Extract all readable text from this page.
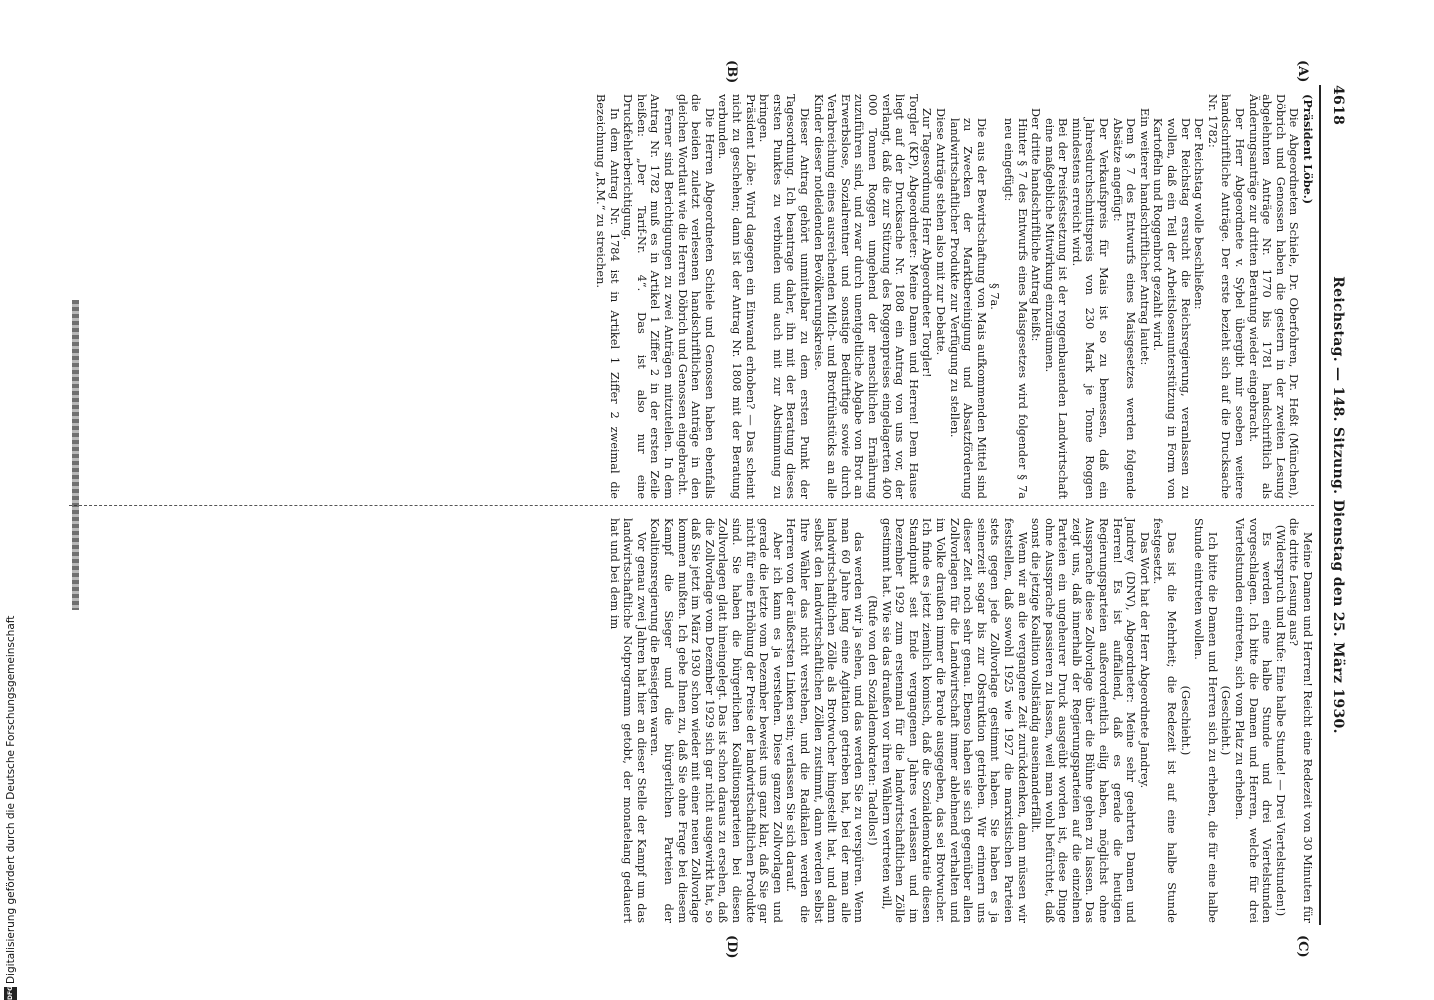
4618
Reichstag. — 148. Sitzung. Dienstag den 25. März 1930.
(A)
(B)
(C)
(D)

(Präsident Löbe.)

Die Abgeordneten Schiele, Dr. Oberfohren, Dr. Heßt (München), Döbrich und Genossen haben die gestern in der zweiten Lesung abgelehnten Anträge Nr. 1770 bis 1781 handschriftlich als Änderungsanträge zur dritten Beratung wieder eingebracht.

Der Herr Abgeordnete v. Sybel übergibt mir soeben weitere handschriftliche Anträge. Der erste bezieht sich auf die Drucksache Nr. 1782:

Der Reichstag wolle beschließen:

Der Reichstag ersucht die Reichsregierung, veranlassen zu wollen, daß ein Teil der Arbeitslosenunterstützung in Form von Kartoffeln und Roggenbrot gezahlt wird.

Ein weiterer handschriftlicher Antrag lautet:

Dem § 7 des Entwurfs eines Maisgesetzes werden folgende Absätze angefügt:

Der Verkaufspreis für Mais ist so zu bemessen, daß ein Jahresdurchschnittspreis von 230 Mark je Tonne Roggen mindestens erreicht wird.

Bei der Preisfestsetzung ist der roggenbauenden Landwirtschaft eine maßgebliche Mitwirkung einzuräumen.

Der dritte handschriftliche Antrag heißt:

Hinter § 7 des Entwurfs eines Maisgesetzes wird folgender § 7a neu eingefügt:

§ 7a.

Die aus der Bewirtschaftung von Mais aufkommenden Mittel sind zu Zwecken der Marktbereinigung und Absatzförderung landwirtschaftlicher Produkte zur Verfügung zu stellen.

Diese Anträge stehen also mit zur Debatte.

Zur Tagesordnung Herr Abgeordneter Torgler!

Torgler (KP), Abgeordneter: Meine Damen und Herren! Dem Hause liegt auf der Drucksache Nr. 1808 ein Antrag von uns vor, der verlangt, daß die zur Stützung des Roggenpreises eingelagerten 400 000 Tonnen Roggen umgehend der menschlichen Ernährung zuzuführen sind, und zwar durch unentgeltliche Abgabe von Brot an Erwerbslose, Sozialrentner und sonstige Bedürftige sowie durch Verabreichung eines ausreichenden Milch- und Brotfrühstücks an alle Kinder dieser notleidenden Bevölkerungskreise.

Dieser Antrag gehört unmittelbar zu dem ersten Punkt der Tagesordnung. Ich beantrage daher, ihn mit der Beratung dieses ersten Punktes zu verbinden und auch mit zur Abstimmung zu bringen.

Präsident Löbe: Wird dagegen ein Einwand erhoben? — Das scheint nicht zu geschehen; dann ist der Antrag Nr. 1808 mit der Beratung verbunden.

Die Herren Abgeordneten Schiele und Genossen haben ebenfalls die beiden zuletzt verlesenen handschriftlichen Anträge in den gleichen Wortlaut wie die Herren Döbrich und Genossen eingebracht.

Ferner sind Berichtigungen zu zwei Anträgen mitzuteilen. In dem Antrag Nr. 1782 muß es in Artikel 1 Ziffer 2 in der ersten Zeile heißen: „Der Tarif-Nr. 4“. Das ist also nur eine Druckfehlerberichtigung.

In dem Antrag Nr. 1784 ist in Artikel 1 Ziffer 2 zweimal die Bezeichnung „R.M.“ zu streichen.

Meine Damen und Herren! Reicht eine Redezeit von 30 Minuten für die dritte Lesung aus?

(Widerspruch und Rufe: Eine halbe Stunde! — Drei Viertelstunden!)

Es werden eine halbe Stunde und drei Viertelstunden vorgeschlagen. Ich bitte die Damen und Herren, welche für drei Viertelstunden eintreten, sich vom Platz zu erheben.

(Geschieht.)

Ich bitte die Damen und Herren sich zu erheben, die für eine halbe Stunde eintreten wollen.

(Geschieht.)

Das ist die Mehrheit; die Redezeit ist auf eine halbe Stunde festgesetzt.

Das Wort hat der Herr Abgeordnete Jandrey.

Jandrey (DNV), Abgeordneter: Meine sehr geehrten Damen und Herren! Es ist auffallend, daß es gerade die heutigen Regierungsparteien außerordentlich eilig haben, möglichst ohne Aussprache diese Zollvorlage über die Bühne gehen zu lassen. Das zeigt uns, daß innerhalb der Regierungsparteien auf die einzelnen Parteien ein ungeheurer Druck ausgeübt worden ist, diese Dinge ohne Aussprache passieren zu lassen, weil man wohl befürchtet, daß sonst die jetzige Koalition vollständig auseinanderfällt.

Wenn wir an die vergangene Zeit zurückdenken, dann müssen wir feststellen, daß sowohl 1925 wie 1927 die marxistischen Parteien stets gegen jede Zollvorlage gestimmt haben. Sie haben es ja seinerzeit sogar bis zur Obstruktion getrieben. Wir erinnern uns dieser Zeit noch sehr genau. Ebenso haben sie sich gegenüber allen Zollvorlagen für die Landwirtschaft immer ablehnend verhalten und im Volke draußen immer die Parole ausgegeben, das sei Brotwucher. Ich finde es jetzt ziemlich komisch, daß die Sozialdemokratie diesen Standpunkt seit Ende vergangenen Jahres verlassen und im Dezember 1929 zum erstenmal für die landwirtschaftlichen Zölle gestimmt hat. Wie sie das draußen vor ihren Wählern vertreten will,

(Rufe von den Sozialdemokraten: Tadellos!)

das werden wir ja sehen, und das werden Sie zu verspüren. Wenn man 60 Jahre lang eine Agitation getrieben hat, bei der man alle landwirtschaftlichen Zölle als Brotwucher hingestellt hat, und dann selbst den landwirtschaftlichen Zöllen zustimmt, dann werden selbst Ihre Wähler das nicht verstehen, und die Radikalen werden die Herren von der äußersten Linken sein; verlassen Sie sich darauf.

Aber ich kann es ja verstehen. Diese ganzen Zollvorlagen und gerade die letzte vom Dezember beweist uns ganz klar, daß Sie gar nicht für eine Erhöhung der Preise der landwirtschaftlichen Produkte sind. Sie haben die bürgerlichen Koalitionsparteien bei diesen Zollvorlagen glatt hineingelegt. Das ist schon daraus zu ersehen, daß die Zollvorlage vom Dezember 1929 sich gar nicht ausgewirkt hat, so daß Sie jetzt im März 1930 schon wieder mit einer neuen Zollvorlage kommen mußten. Ich gebe Ihnen zu, daß Sie ohne Frage bei diesem Kampf die Sieger und die bürgerlichen Parteien der Koalitionsregierung die Besiegten waren.

Vor genau zwei Jahren hat hier an dieser Stelle der Kampf um das landwirtschaftliche Notprogramm getobt, der monatelang gedauert hat und bei dem im

DFG
Digitalisierung gefördert durch die Deutsche Forschungsgemeinschaft
